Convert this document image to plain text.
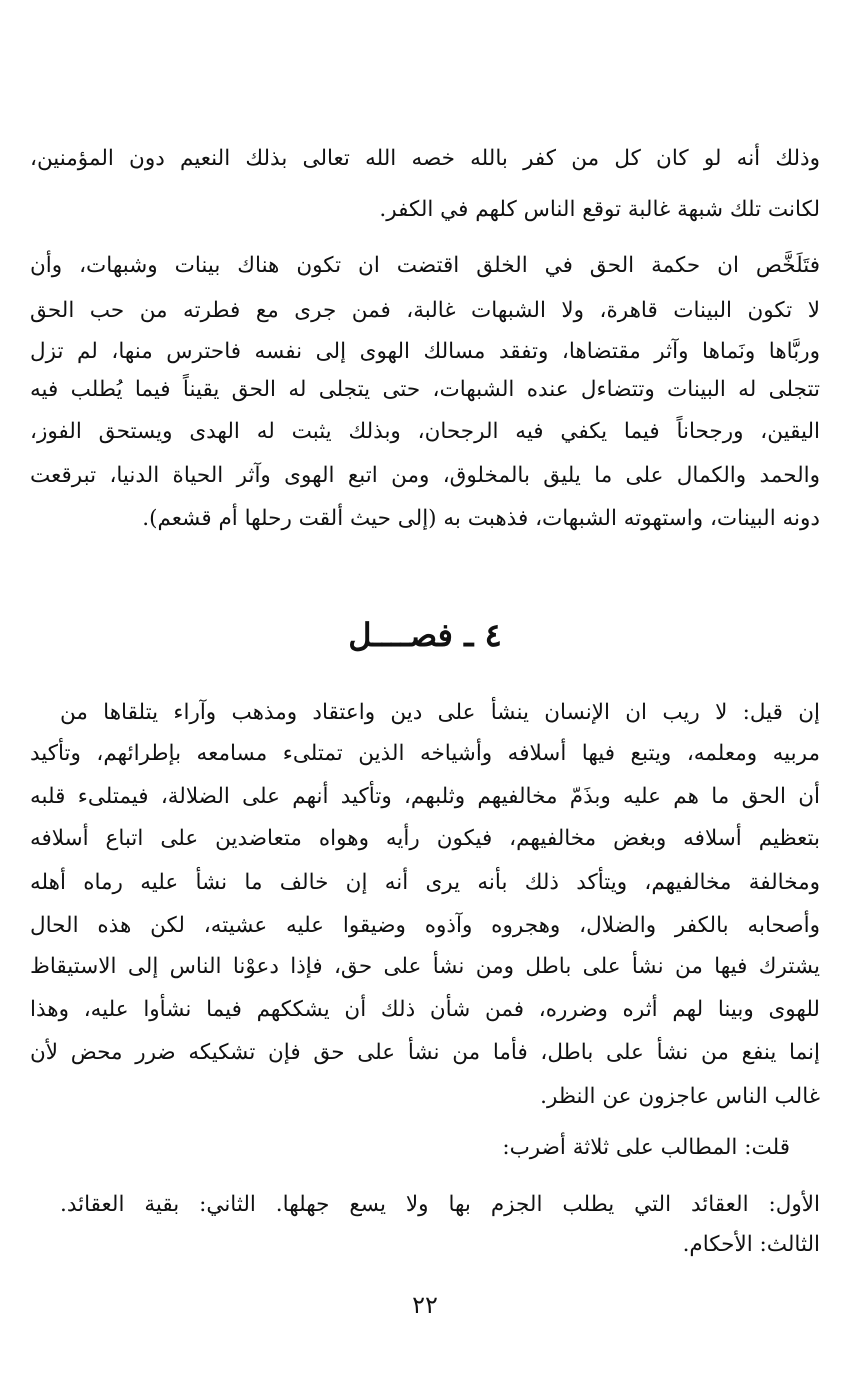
وذلك أنه لو كان كل من كفر بالله خصه الله تعالى بذلك النعيم دون المؤمنين،
لكانت تلك شبهة غالبة توقع الناس كلهم في الكفر.
فتَلَخَّص ان حكمة الحق في الخلق اقتضت ان تكون هناك بينات وشبهات، وأن
لا تكون البينات قاهرة، ولا الشبهات غالبة، فمن جرى مع فطرته من حب الحق
وربَّاها ونَماها وآثر مقتضاها، وتفقد مسالك الهوى إلى نفسه فاحترس منها، لم تزل
تتجلى له البينات وتتضاءل عنده الشبهات، حتى يتجلى له الحق يقيناً فيما يُطلب فيه
اليقين، ورجحاناً فيما يكفي فيه الرجحان، وبذلك يثبت له الهدى ويستحق الفوز،
والحمد والكمال على ما يليق بالمخلوق، ومن اتبع الهوى وآثر الحياة الدنيا، تبرقعت
دونه البينات، واستهوته الشبهات، فذهبت به (إلى حيث ألقت رحلها أم قشعم).
٤ ـ فصــــل
إن قيل: لا ريب ان الإنسان ينشأ على دين واعتقاد ومذهب وآراء يتلقاها من
مربيه ومعلمه، ويتبع فيها أسلافه وأشياخه الذين تمتلىء مسامعه بإطرائهم، وتأكيد
أن الحق ما هم عليه وبذَمّ مخالفيهم وثلبهم، وتأكيد أنهم على الضلالة، فيمتلىء قلبه
بتعظيم أسلافه وبغض مخالفيهم، فيكون رأيه وهواه متعاضدين على اتباع أسلافه
ومخالفة مخالفيهم، ويتأكد ذلك بأنه يرى أنه إن خالف ما نشأ عليه رماه أهله
وأصحابه بالكفر والضلال، وهجروه وآذوه وضيقوا عليه عشيته، لكن هذه الحال
يشترك فيها من نشأ على باطل ومن نشأ على حق، فإذا دعوْنا الناس إلى الاستيقاظ
للهوى وبينا لهم أثره وضرره، فمن شأن ذلك أن يشككهم فيما نشأوا عليه، وهذا
إنما ينفع من نشأ على باطل، فأما من نشأ على حق فإن تشكيكه ضرر محض لأن
غالب الناس عاجزون عن النظر.
قلت: المطالب على ثلاثة أضرب:
الأول: العقائد التي يطلب الجزم بها ولا يسع جهلها. الثاني: بقية العقائد.
الثالث: الأحكام.
٢٢
